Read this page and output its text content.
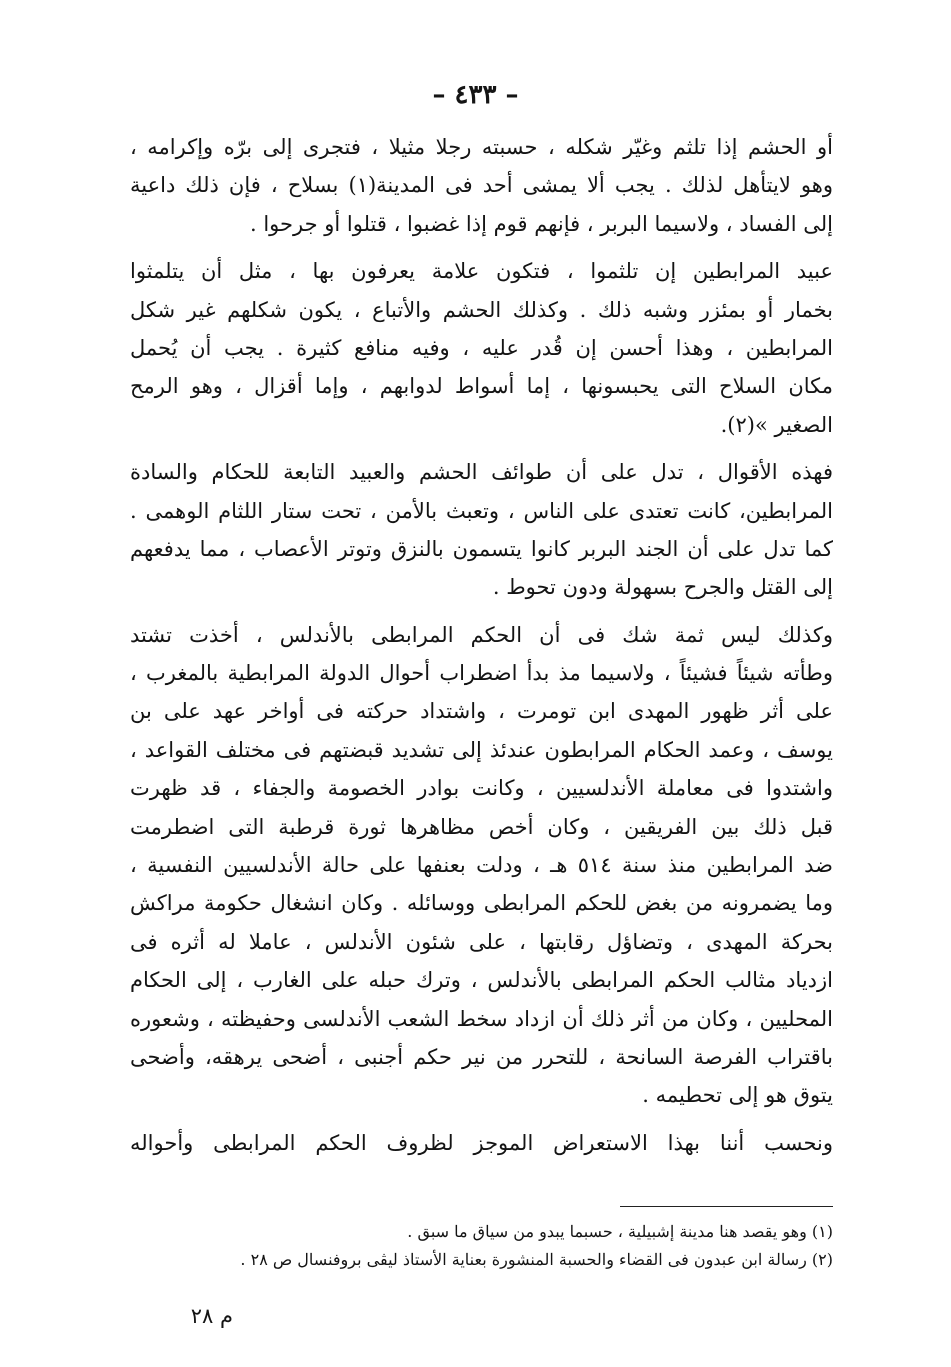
– ٤٣٣ –
أو الحشم إذا تلثم وغيّر شكله ، حسبته رجلا مثيلا ، فتجرى إلى برّه وإكرامه ،
وهو لايتأهل لذلك . يجب ألا يمشى أحد فى المدينة(١) بسلاح ، فإن ذلك داعية
إلى الفساد ، ولاسيما البربر ، فإنهم قوم إذا غضبوا ، قتلوا أو جرحوا .
عبيد المرابطين إن تلثموا ، فتكون علامة يعرفون بها ، مثل أن يتلمثوا
بخمار أو بمئزر وشبه ذلك . وكذلك الحشم والأتباع ، يكون شكلهم غير شكل
المرابطين ، وهذا أحسن إن قُدر عليه ، وفيه منافع كثيرة . يجب أن يُحمل
مكان السلاح التى يحبسونها ، إما أسواط لدوابهم ، وإما أقزال ، وهو الرمح
الصغير »(٢).
فهذه الأقوال ، تدل على أن طوائف الحشم والعبيد التابعة للحكام والسادة
المرابطين، كانت تعتدى على الناس ، وتعبث بالأمن ، تحت ستار اللثام الوهمى .
كما تدل على أن الجند البربر كانوا يتسمون بالنزق وتوتر الأعصاب ، مما يدفعهم
إلى القتل والجرح بسهولة ودون تحوط .
وكذلك ليس ثمة شك فى أن الحكم المرابطى بالأندلس ، أخذت تشتد
وطأته شيئاً فشيئاً ، ولاسيما مذ بدأ اضطراب أحوال الدولة المرابطية بالمغرب ،
على أثر ظهور المهدى ابن تومرت ، واشتداد حركته فى أواخر عهد على بن
يوسف ، وعمد الحكام المرابطون عندئذ إلى تشديد قبضتهم فى مختلف القواعد ،
واشتدوا فى معاملة الأندلسيين ، وكانت بوادر الخصومة والجفاء ، قد ظهرت
قبل ذلك بين الفريقين ، وكان أخص مظاهرها ثورة قرطبة التى اضطرمت
ضد المرابطين منذ سنة ٥١٤ هـ ، ودلت بعنفها على حالة الأندلسيين النفسية ،
وما يضمرونه من بغض للحكم المرابطى ووسائله . وكان انشغال حكومة مراكش
بحركة المهدى ، وتضاؤل رقابتها ، على شئون الأندلس ، عاملا له أثره فى
ازدياد مثالب الحكم المرابطى بالأندلس ، وترك حبله على الغارب ، إلى الحكام
المحليين ، وكان من أثر ذلك أن ازداد سخط الشعب الأندلسى وحفيظته ، وشعوره
باقتراب الفرصة السانحة ، للتحرر من نير حكم أجنبى ، أضحى يرهقه، وأضحى
يتوق هو إلى تحطيمه .
ونحسب أننا بهذا الاستعراض الموجز لظروف الحكم المرابطى وأحواله
(١) وهو يقصد هنا مدينة إشبيلية ، حسبما يبدو من سياق ما سبق .
(٢) رسالة ابن عبدون فى القضاء والحسبة المنشورة بعناية الأستاذ ليڤى بروفنسال ص ٢٨ .
م ٢٨
